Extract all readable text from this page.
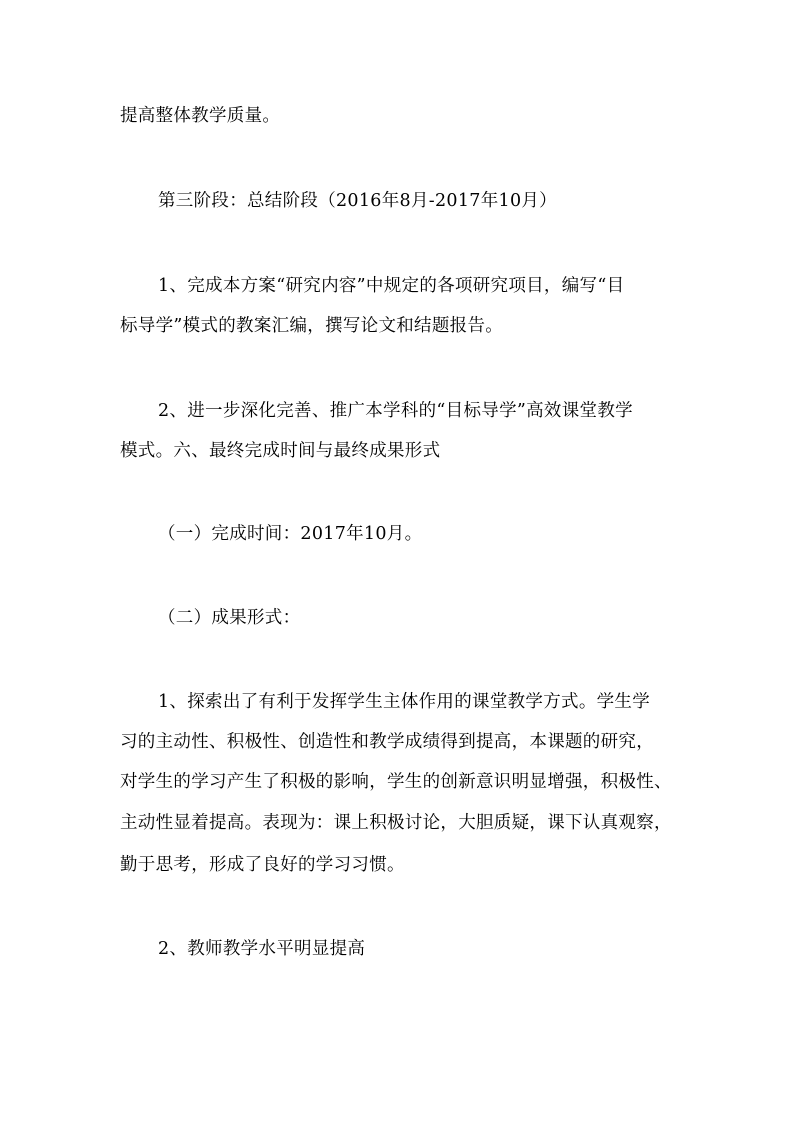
提高整体教学质量。
第三阶段：总结阶段（2016年8月-2017年10月）
1、完成本方案“研究内容”中规定的各项研究项目，编写“目
标导学”模式的教案汇编，撰写论文和结题报告。
2、进一步深化完善、推广本学科的“目标导学”高效课堂教学
模式。六、最终完成时间与最终成果形式
（一）完成时间：2017年10月。
（二）成果形式：
1、探索出了有利于发挥学生主体作用的课堂教学方式。学生学
习的主动性、积极性、创造性和教学成绩得到提高，本课题的研究，
对学生的学习产生了积极的影响，学生的创新意识明显增强，积极性、
主动性显着提高。表现为：课上积极讨论，大胆质疑，课下认真观察，
勤于思考，形成了良好的学习习惯。
2、教师教学水平明显提高
